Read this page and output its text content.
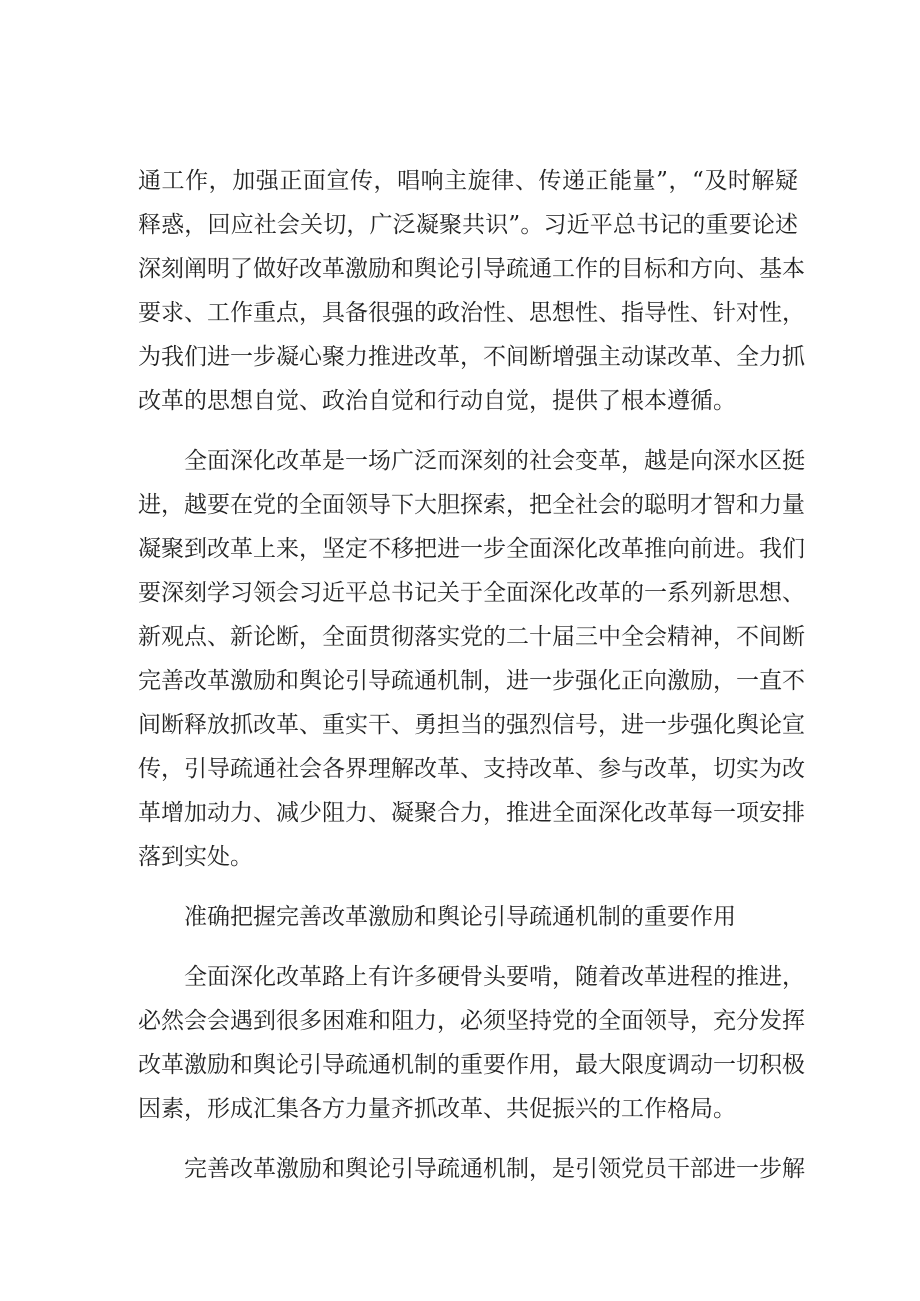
通工作，加强正面宣传，唱响主旋律、传递正能量”，“及时解疑
释惑，回应社会关切，广泛凝聚共识”。习近平总书记的重要论述
深刻阐明了做好改革激励和舆论引导疏通工作的目标和方向、基本
要求、工作重点，具备很强的政治性、思想性、指导性、针对性，
为我们进一步凝心聚力推进改革，不间断增强主动谋改革、全力抓
改革的思想自觉、政治自觉和行动自觉，提供了根本遵循。
全面深化改革是一场广泛而深刻的社会变革，越是向深水区挺
进，越要在党的全面领导下大胆探索，把全社会的聪明才智和力量
凝聚到改革上来，坚定不移把进一步全面深化改革推向前进。我们
要深刻学习领会习近平总书记关于全面深化改革的一系列新思想、
新观点、新论断，全面贯彻落实党的二十届三中全会精神，不间断
完善改革激励和舆论引导疏通机制，进一步强化正向激励，一直不
间断释放抓改革、重实干、勇担当的强烈信号，进一步强化舆论宣
传，引导疏通社会各界理解改革、支持改革、参与改革，切实为改
革增加动力、减少阻力、凝聚合力，推进全面深化改革每一项安排
落到实处。
准确把握完善改革激励和舆论引导疏通机制的重要作用
全面深化改革路上有许多硬骨头要啃，随着改革进程的推进，
必然会会遇到很多困难和阻力，必须坚持党的全面领导，充分发挥
改革激励和舆论引导疏通机制的重要作用，最大限度调动一切积极
因素，形成汇集各方力量齐抓改革、共促振兴的工作格局。
完善改革激励和舆论引导疏通机制，是引领党员干部进一步解
